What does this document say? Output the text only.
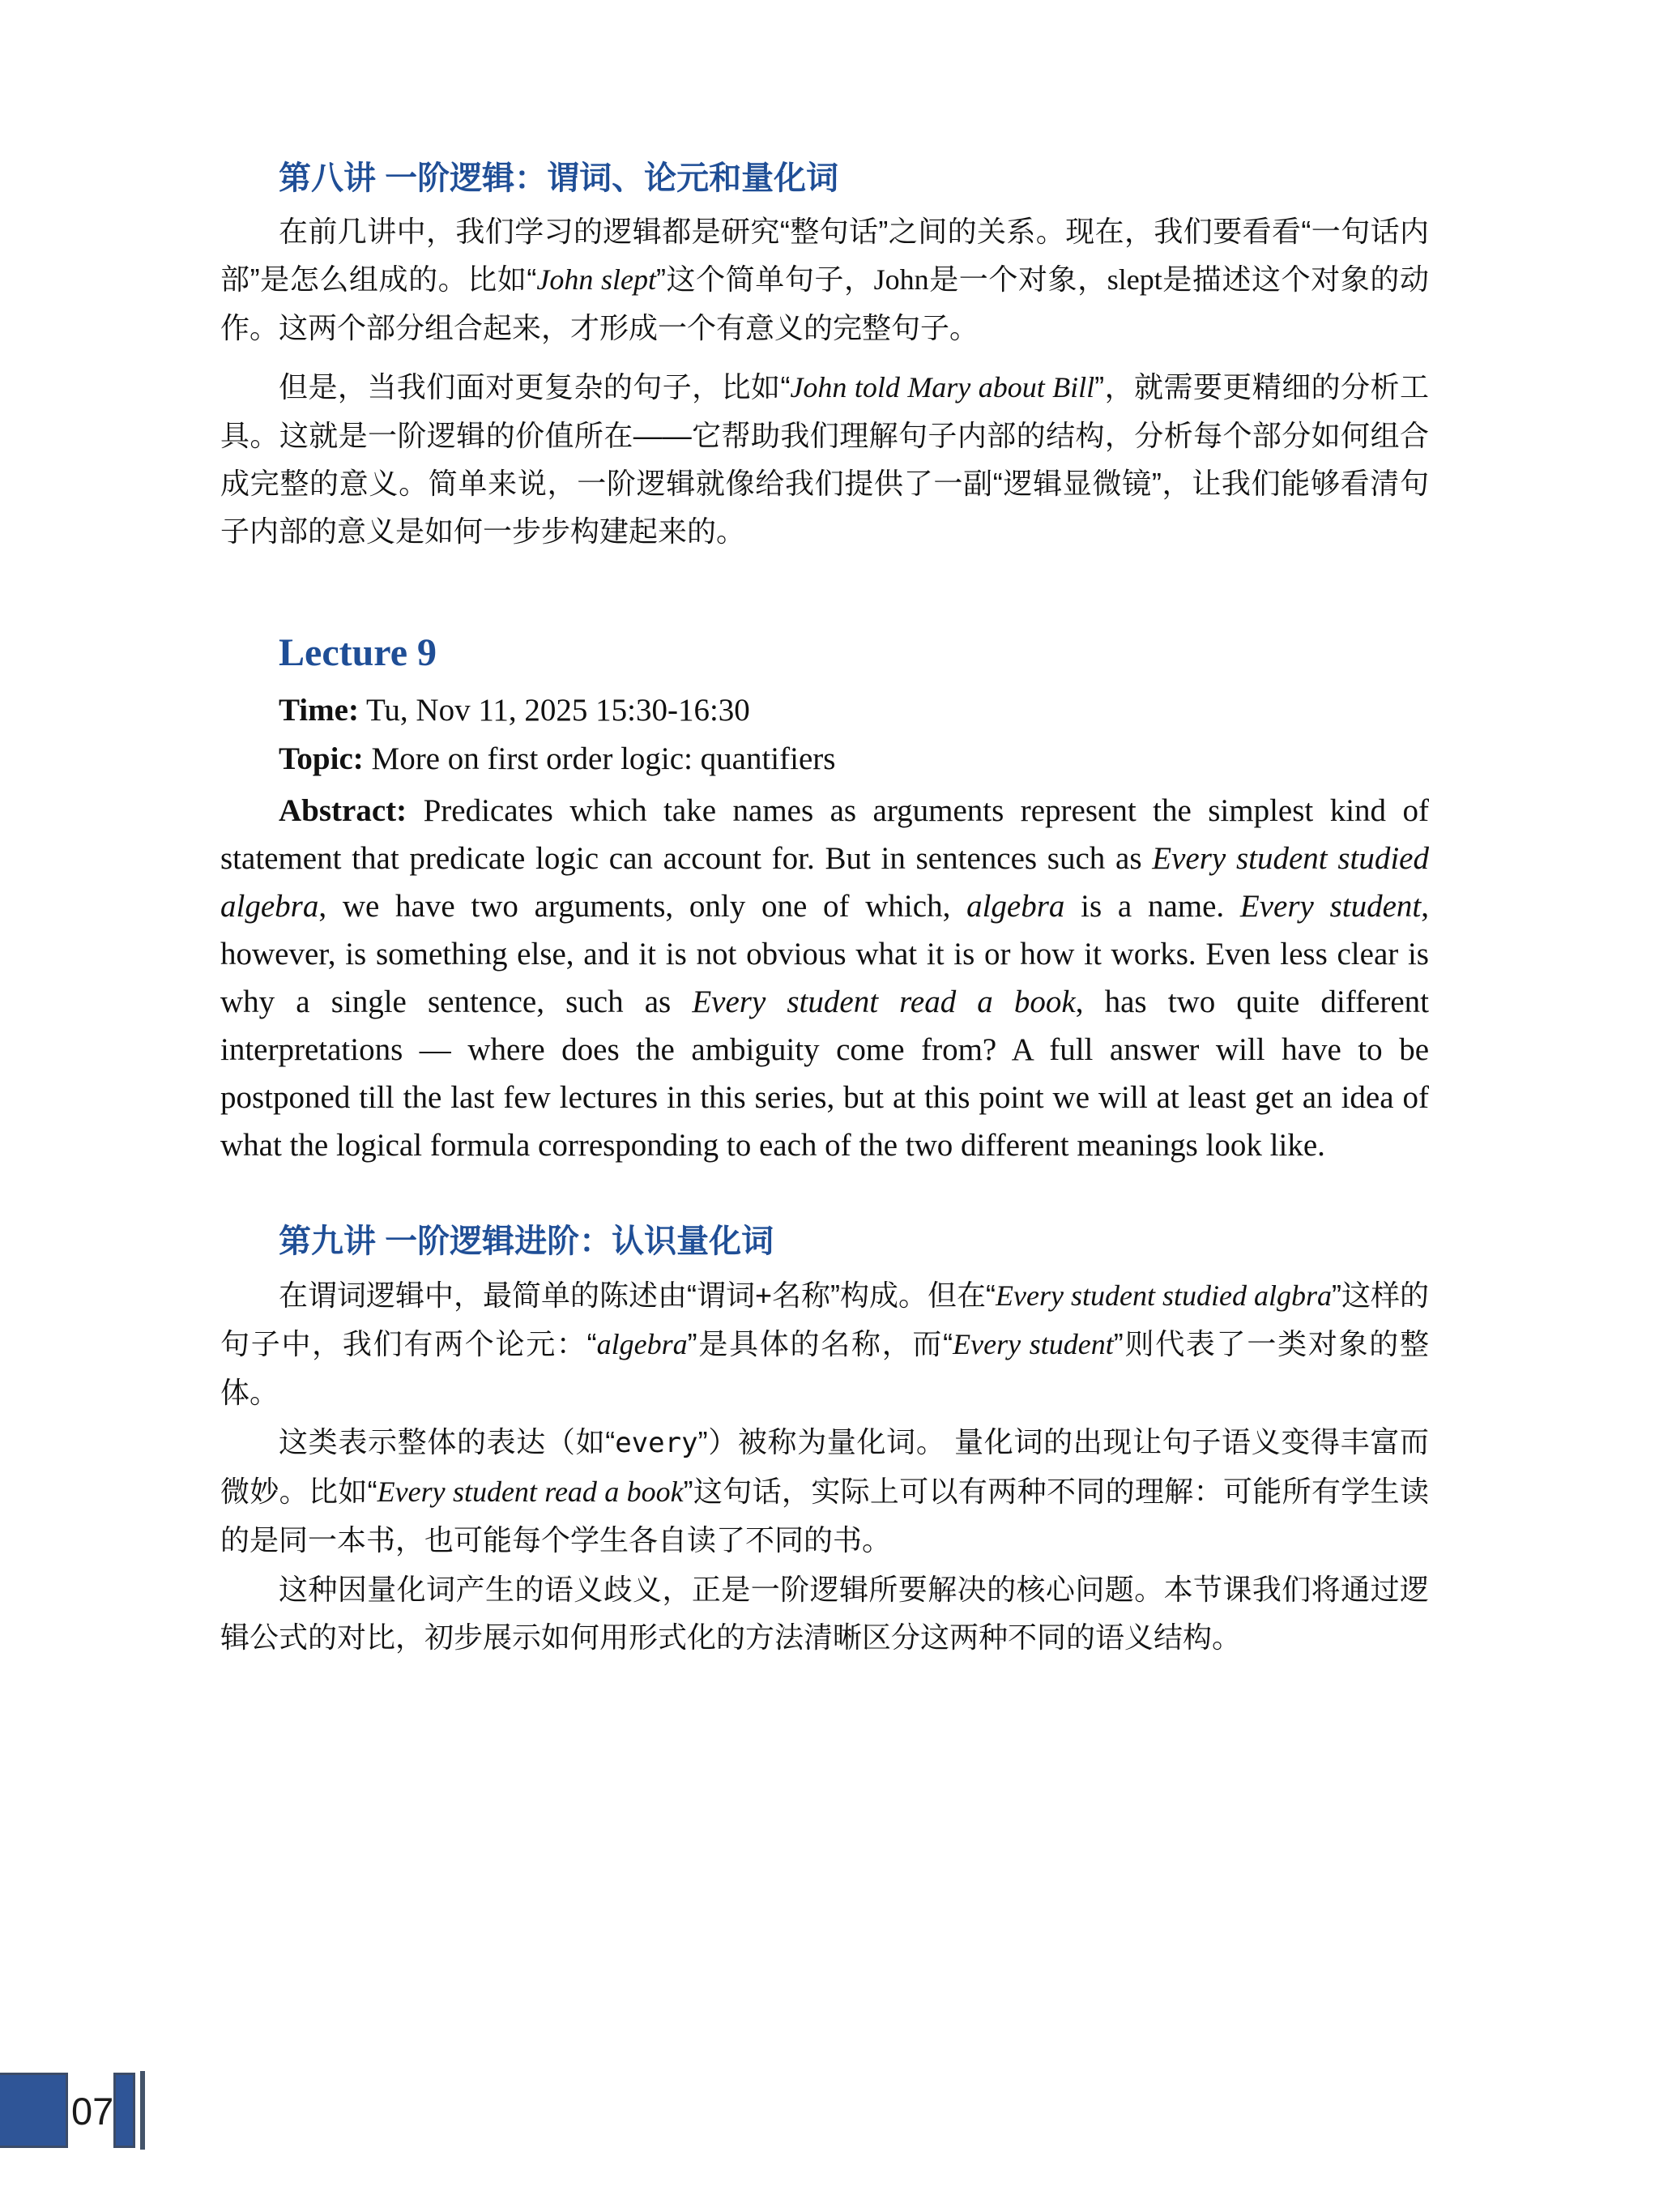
第八讲 一阶逻辑：谓词、论元和量化词

在前几讲中，我们学习的逻辑都是研究“整句话”之间的关系。现在，我们要看看“一句话内部”是怎么组成的。比如“John slept”这个简单句子，John是一个对象，slept是描述这个对象的动作。这两个部分组合起来，才形成一个有意义的完整句子。

但是，当我们面对更复杂的句子，比如“John told Mary about Bill”，就需要更精细的分析工具。这就是一阶逻辑的价值所在——它帮助我们理解句子内部的结构，分析每个部分如何组合成完整的意义。简单来说，一阶逻辑就像给我们提供了一副“逻辑显微镜”，让我们能够看清句子内部的意义是如何一步步构建起来的。

Lecture 9

Time: Tu, Nov 11, 2025 15:30-16:30

Topic: More on first order logic: quantifiers

Abstract: Predicates which take names as arguments represent the simplest kind of statement that predicate logic can account for. But in sentences such as Every student studied algebra, we have two arguments, only one of which, algebra is a name. Every student, however, is something else, and it is not obvious what it is or how it works. Even less clear is why a single sentence, such as Every student read a book, has two quite different interpretations — where does the ambiguity come from? A full answer will have to be postponed till the last few lectures in this series, but at this point we will at least get an idea of what the logical formula corresponding to each of the two different meanings look like.

第九讲 一阶逻辑进阶：认识量化词

在谓词逻辑中，最简单的陈述由“谓词+名称”构成。但在“Every student studied algbra”这样的句子中，我们有两个论元：“algebra”是具体的名称，而“Every student”则代表了一类对象的整体。

这类表示整体的表达（如“every”）被称为量化词。 量化词的出现让句子语义变得丰富而微妙。比如“Every student read a book”这句话，实际上可以有两种不同的理解：可能所有学生读的是同一本书，也可能每个学生各自读了不同的书。

这种因量化词产生的语义歧义，正是一阶逻辑所要解决的核心问题。本节课我们将通过逻辑公式的对比，初步展示如何用形式化的方法清晰区分这两种不同的语义结构。

07
